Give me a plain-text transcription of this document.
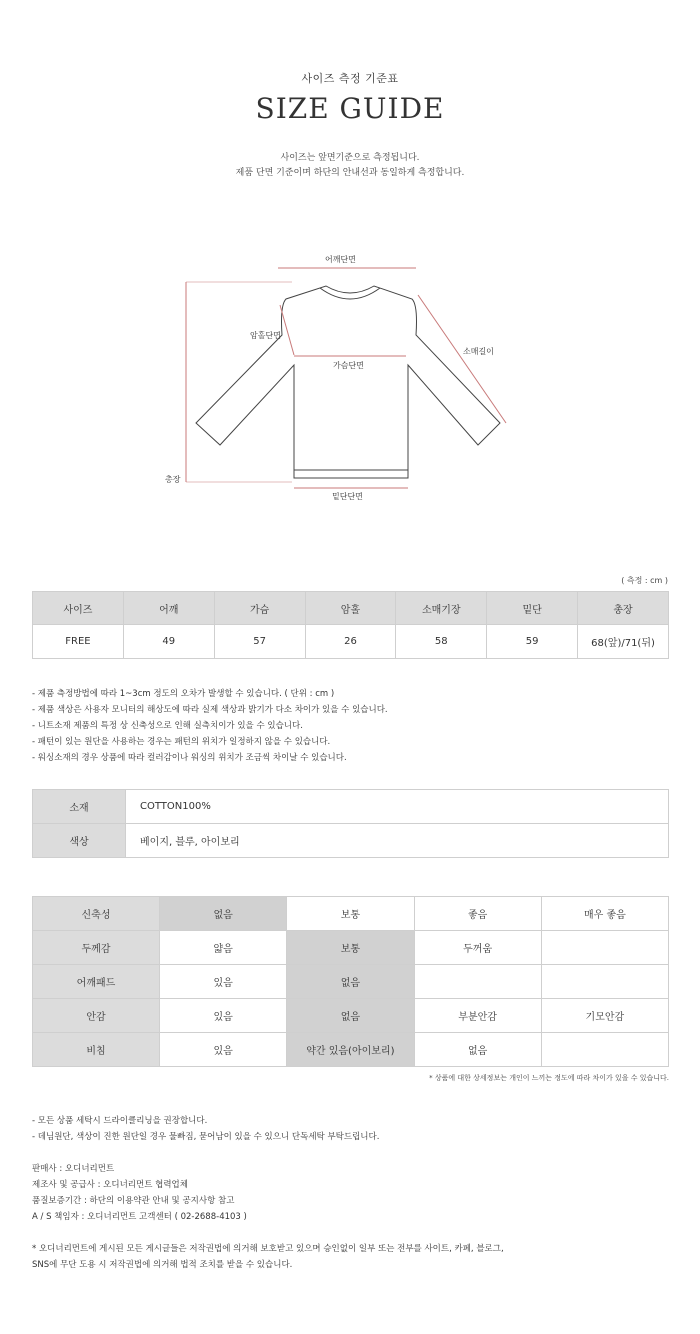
사이즈 측정 기준표
SIZE GUIDE
사이즈는 앞면기준으로 측정됩니다.
제품 단면 기준이며 하단의 안내선과 동일하게 측정합니다.
어깨단면
암홀단면
소매길이
가슴단면
총장
밑단단면
( 측정 : cm )
사이즈	어깨	가슴	암홀	소매기장	밑단	총장
FREE	49	57	26	58	59	68(앞)/71(뒤)
- 제품 측정방법에 따라 1~3cm 정도의 오차가 발생할 수 있습니다. ( 단위 : cm )
- 제품 색상은 사용자 모니터의 해상도에 따라 실제 색상과 밝기가 다소 차이가 있을 수 있습니다.
- 니트소재 제품의 특정 상 신축성으로 인해 실측치이가 있을 수 있습니다.
- 패턴이 있는 원단을 사용하는 경우는 패턴의 위치가 일정하지 않을 수 있습니다.
- 워싱소재의 경우 상품에 따라 컬러감이나 워싱의 위치가 조금씩 차이날 수 있습니다.
소재	COTTON100%
색상	베이지, 블루, 아이보리
신축성	없음	보통	좋음	매우 좋음
두께감	얇음	보통	두꺼움	
어깨패드	있음	없음		
안감	있음	없음	부분안감	기모안감
비침	있음	약간 있음(아이보리)	없음	
* 상품에 대한 상세정보는 개인이 느끼는 정도에 따라 차이가 있을 수 있습니다.
- 모든 상품 세탁시 드라이클리닝을 권장합니다.
- 데님원단, 색상이 진한 원단일 경우 물빠짐, 묻어남이 있을 수 있으니 단독세탁 부탁드립니다.
판매사 : 오디너리먼트
제조사 및 공급사 : 오디너리먼트 협력업체
품질보증기간 : 하단의 이용약관 안내 및 공지사항 참고
A / S 책임자 : 오디너리먼트 고객센터 ( 02-2688-4103 )
* 오디너리먼트에 게시된 모든 게시글들은 저작권법에 의거해 보호받고 있으며 승인없이 일부 또는 전부를 사이트, 카페, 블로그,
SNS에 무단 도용 시 저작권법에 의거해 법적 조치를 받을 수 있습니다.
